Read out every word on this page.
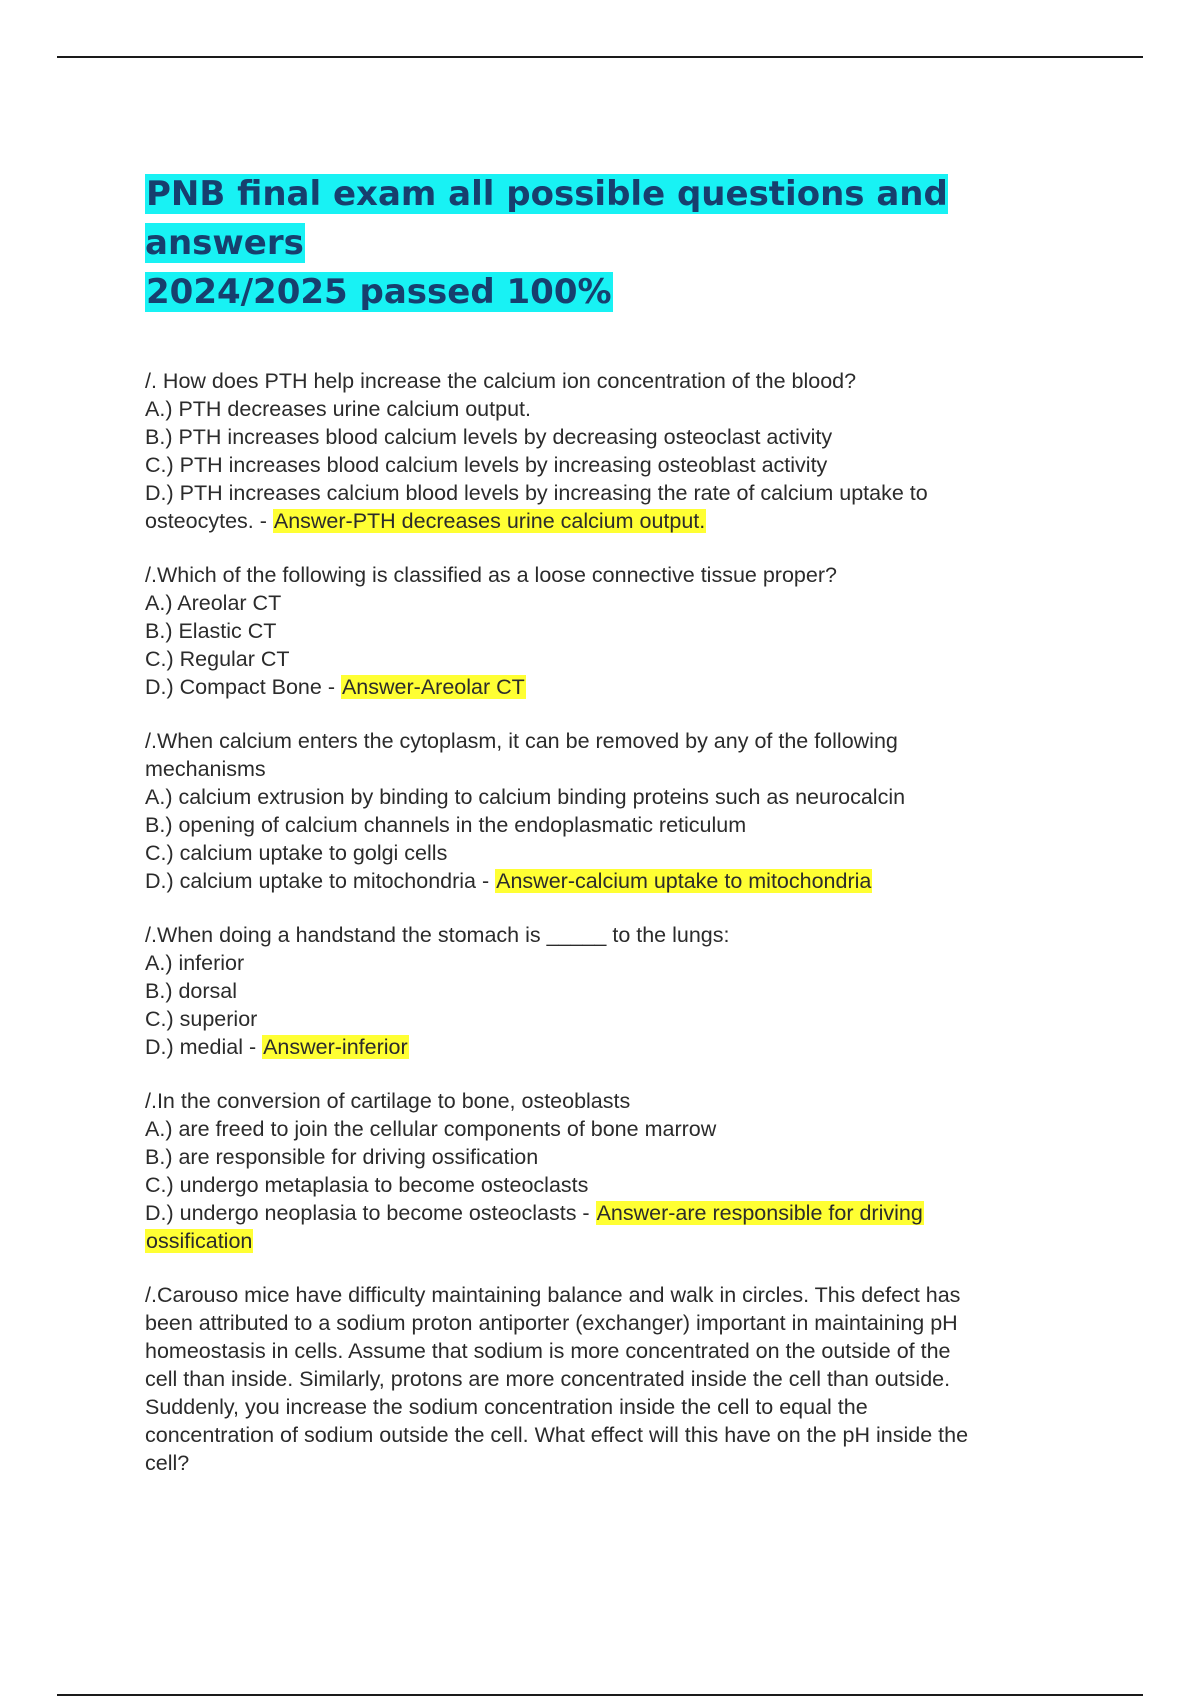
PNB final exam all possible questions and answers
2024/2025 passed 100%
/. How does PTH help increase the calcium ion concentration of the blood?
A.) PTH decreases urine calcium output.
B.) PTH increases blood calcium levels by decreasing osteoclast activity
C.) PTH increases blood calcium levels by increasing osteoblast activity
D.) PTH increases calcium blood levels by increasing the rate of calcium uptake to
osteocytes. - Answer-PTH decreases urine calcium output.
/.Which of the following is classified as a loose connective tissue proper?
A.) Areolar CT
B.) Elastic CT
C.) Regular CT
D.) Compact Bone - Answer-Areolar CT
/.When calcium enters the cytoplasm, it can be removed by any of the following
mechanisms
A.) calcium extrusion by binding to calcium binding proteins such as neurocalcin
B.) opening of calcium channels in the endoplasmatic reticulum
C.) calcium uptake to golgi cells
D.) calcium uptake to mitochondria - Answer-calcium uptake to mitochondria
/.When doing a handstand the stomach is _____ to the lungs:
A.) inferior
B.) dorsal
C.) superior
D.) medial - Answer-inferior
/.In the conversion of cartilage to bone, osteoblasts
A.) are freed to join the cellular components of bone marrow
B.) are responsible for driving ossification
C.) undergo metaplasia to become osteoclasts
D.) undergo neoplasia to become osteoclasts - Answer-are responsible for driving
ossification
/.Carouso mice have difficulty maintaining balance and walk in circles. This defect has
been attributed to a sodium proton antiporter (exchanger) important in maintaining pH
homeostasis in cells. Assume that sodium is more concentrated on the outside of the
cell than inside. Similarly, protons are more concentrated inside the cell than outside.
Suddenly, you increase the sodium concentration inside the cell to equal the
concentration of sodium outside the cell. What effect will this have on the pH inside the
cell?
